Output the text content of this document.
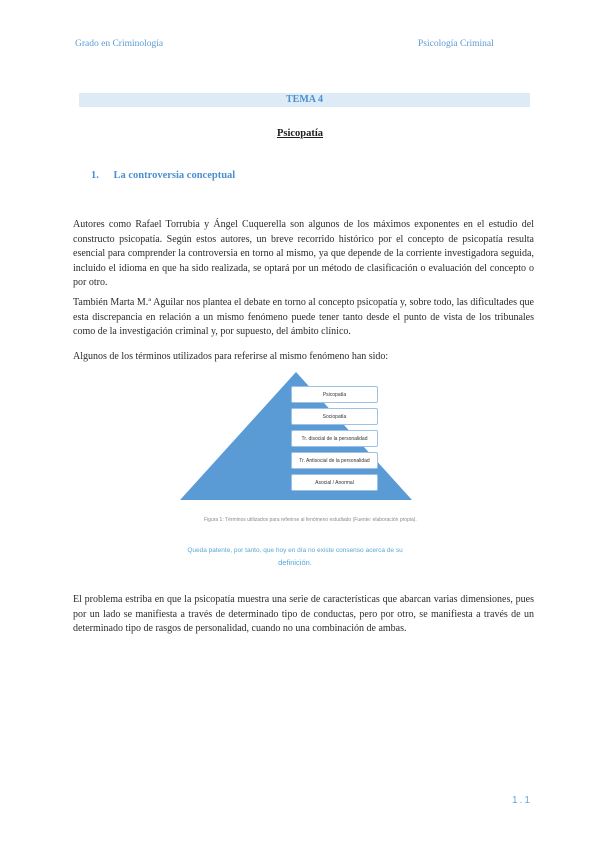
Grado en Criminología	Psicología Criminal
TEMA 4
Psicopatía
1. La controversia conceptual

Autores como Rafael Torrubia y Ángel Cuquerella son algunos de los máximos exponentes en el estudio del constructo psicopatía. Según estos autores, un breve recorrido histórico por el concepto de psicopatía resulta esencial para comprender la controversia en torno al mismo, ya que depende de la corriente investigadora seguida, incluido el idioma en que ha sido realizada, se optará por un método de clasificación o evaluación del concepto o por otro.

También Marta M.ª Aguilar nos plantea el debate en torno al concepto psicopatía y, sobre todo, las dificultades que esta discrepancia en relación a un mismo fenómeno puede tener tanto desde el punto de vista de los tribunales como de la investigación criminal y, por supuesto, del ámbito clínico.

Algunos de los términos utilizados para referirse al mismo fenómeno han sido:

Psicopatía
Sociopatía
Tr. disocial de la personalidad
Tr. Antisocial de la personalidad
Asocial / Anormal
Figura 1: Términos utilizados para referirse al fenómeno estudiado (Fuente: elaboración propia).
Queda patente, por tanto, que hoy en día no existe consenso acerca de su
definición.

El problema estriba en que la psicopatía muestra una serie de características que abarcan varias dimensiones, pues por un lado se manifiesta a través de determinado tipo de conductas, pero por otro, se manifiesta a través de un determinado tipo de rasgos de personalidad, cuando no una combinación de ambas.

1.1
